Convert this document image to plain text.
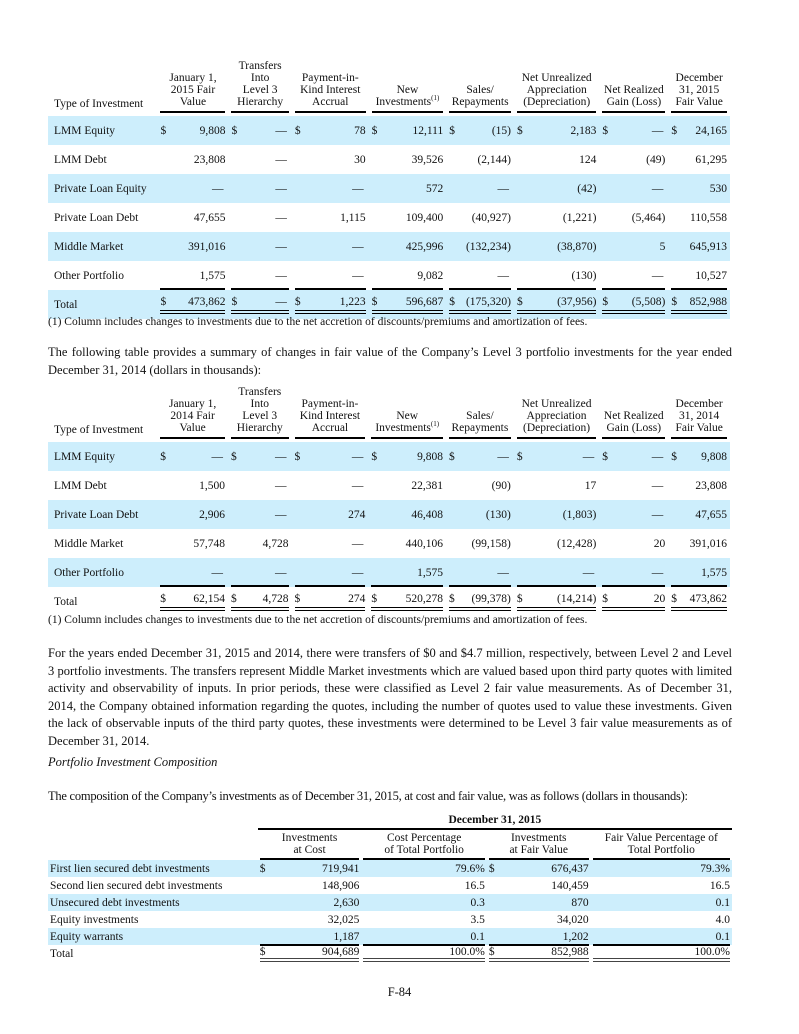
Type of Investment	January 1,
2015 Fair
Value	Transfers
Into
Level 3
Hierarchy	Payment-in-
Kind Interest
Accrual	New
Investments$^{(1)}$	Sales/
Repayments	Net Unrealized
Appreciation
(Depreciation)	Net Realized
Gain (Loss)	December
31, 2015
Fair Value

LMM Equity	$ 9,808	$ —	$ 78	$ 12,111	$ (15)	$ 2,183	$ —	$ 24,165

LMM Debt	23,808	—	30	39,526	(2,144)	124	(49)	61,295

Private Loan Equity	—	—	—	572	—	(42)	—	530

Private Loan Debt	47,655	—	1,115	109,400	(40,927)	(1,221)	(5,464)	110,558

Middle Market	391,016	—	—	425,996	(132,234)	(38,870)	5	645,913

Other Portfolio	1,575	—	—	9,082	—	(130)	—	10,527

Total	$ 473,862	$ —	$ 1,223	$ 596,687	$ (175,320)	$ (37,956)	$ (5,508)	$ 852,988
(1) Column includes changes to investments due to the net accretion of discounts/premiums and amortization of fees.
The following table provides a summary of changes in fair value of the Company’s Level 3 portfolio investments for the year ended December 31, 2014 (dollars in thousands):
Type of Investment	January 1,
2014 Fair
Value	Transfers
Into
Level 3
Hierarchy	Payment-in-
Kind Interest
Accrual	New
Investments$^{(1)}$	Sales/
Repayments	Net Unrealized
Appreciation
(Depreciation)	Net Realized
Gain (Loss)	December
31, 2014
Fair Value

LMM Equity	$ —	$ —	$ —	$ 9,808	$ —	$ —	$ —	$ 9,808

LMM Debt	1,500	—	—	22,381	(90)	17	—	23,808

Private Loan Debt	2,906	—	274	46,408	(130)	(1,803)	—	47,655

Middle Market	57,748	4,728	—	440,106	(99,158)	(12,428)	20	391,016

Other Portfolio	—	—	—	1,575	—	—	—	1,575

Total	$ 62,154	$ 4,728	$ 274	$ 520,278	$ (99,378)	$ (14,214)	$ 20	$ 473,862
(1) Column includes changes to investments due to the net accretion of discounts/premiums and amortization of fees.
For the years ended December 31, 2015 and 2014, there were transfers of $0 and $4.7 million, respectively, between Level 2 and Level 3 portfolio investments. The transfers represent Middle Market investments which are valued based upon third party quotes with limited activity and observability of inputs. In prior periods, these were classified as Level 2 fair value measurements. As of December 31, 2014, the Company obtained information regarding the quotes, including the number of quotes used to value these investments. Given the lack of observable inputs of the third party quotes, these investments were determined to be Level 3 fair value measurements as of December 31, 2014.
Portfolio Investment Composition
The composition of the Company’s investments as of December 31, 2015, at cost and fair value, was as follows (dollars in thousands):
	December 31, 2015			

	Investments
at Cost	Cost Percentage
of Total Portfolio	Investments
at Fair Value	Fair Value Percentage of
Total Portfolio

First lien secured debt investments	$ 719,941	79.6%	$ 676,437	79.3%

Second lien secured debt investments	148,906	16.5	140,459	16.5

Unsecured debt investments	2,630	0.3	870	0.1

Equity investments	32,025	3.5	34,020	4.0

Equity warrants	1,187	0.1	1,202	0.1

Total	$ 904,689	100.0%	$ 852,988	100.0%
F-84
